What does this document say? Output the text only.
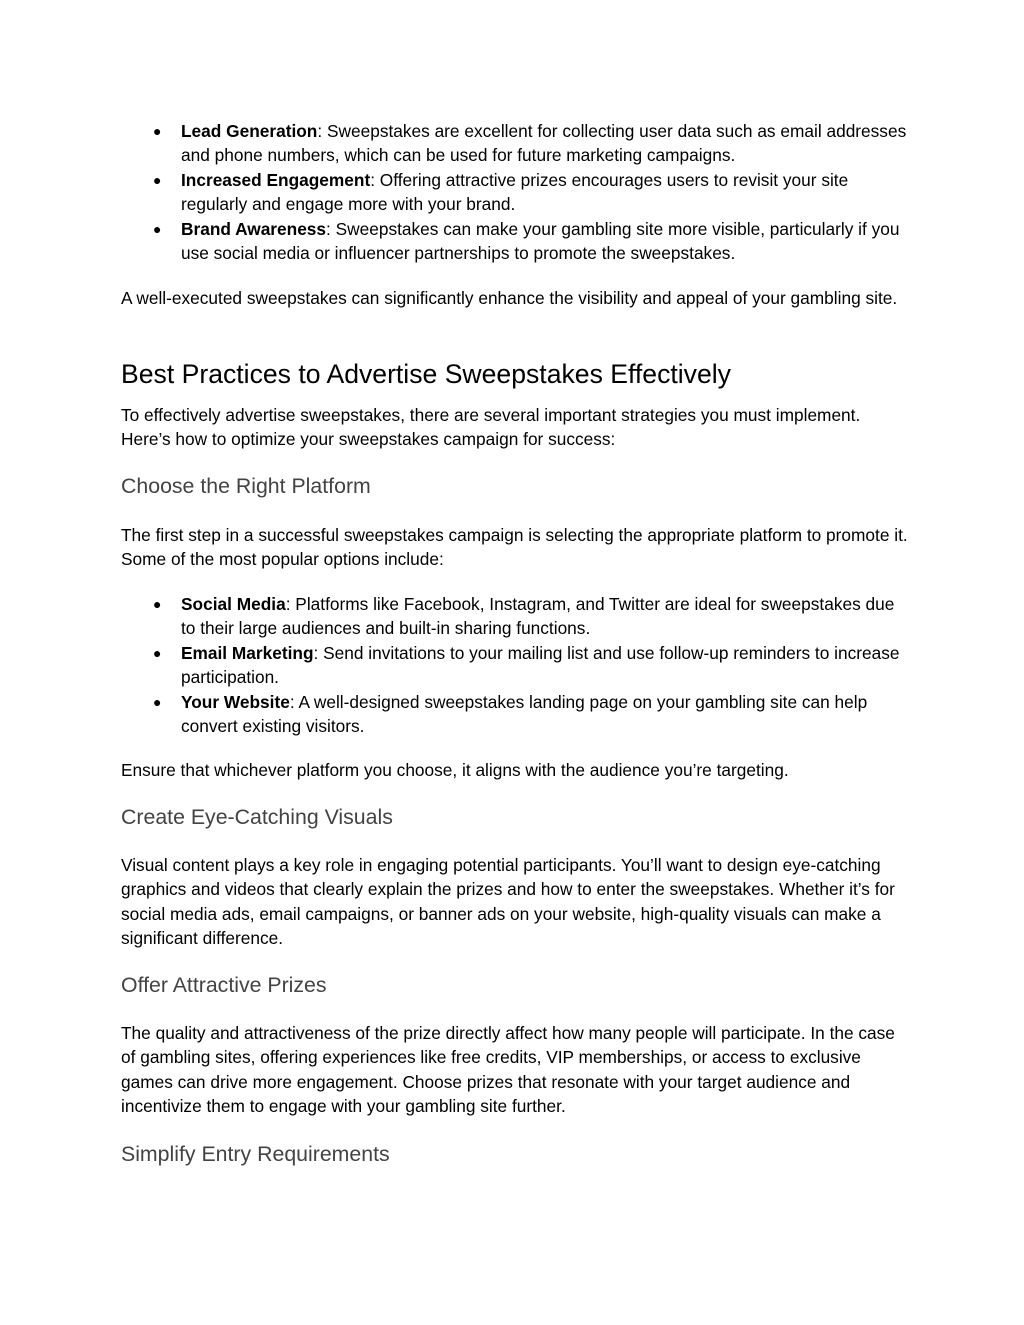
● Lead Generation: Sweepstakes are excellent for collecting user data such as email addresses and phone numbers, which can be used for future marketing campaigns.
● Increased Engagement: Offering attractive prizes encourages users to revisit your site regularly and engage more with your brand.
● Brand Awareness: Sweepstakes can make your gambling site more visible, particularly if you use social media or influencer partnerships to promote the sweepstakes.

A well-executed sweepstakes can significantly enhance the visibility and appeal of your gambling site.

Best Practices to Advertise Sweepstakes Effectively

To effectively advertise sweepstakes, there are several important strategies you must implement. Here’s how to optimize your sweepstakes campaign for success:

Choose the Right Platform

The first step in a successful sweepstakes campaign is selecting the appropriate platform to promote it. Some of the most popular options include:

● Social Media: Platforms like Facebook, Instagram, and Twitter are ideal for sweepstakes due to their large audiences and built-in sharing functions.
● Email Marketing: Send invitations to your mailing list and use follow-up reminders to increase participation.
● Your Website: A well-designed sweepstakes landing page on your gambling site can help convert existing visitors.

Ensure that whichever platform you choose, it aligns with the audience you’re targeting.

Create Eye-Catching Visuals

Visual content plays a key role in engaging potential participants. You’ll want to design eye-catching graphics and videos that clearly explain the prizes and how to enter the sweepstakes. Whether it’s for social media ads, email campaigns, or banner ads on your website, high-quality visuals can make a significant difference.

Offer Attractive Prizes

The quality and attractiveness of the prize directly affect how many people will participate. In the case of gambling sites, offering experiences like free credits, VIP memberships, or access to exclusive games can drive more engagement. Choose prizes that resonate with your target audience and incentivize them to engage with your gambling site further.

Simplify Entry Requirements
